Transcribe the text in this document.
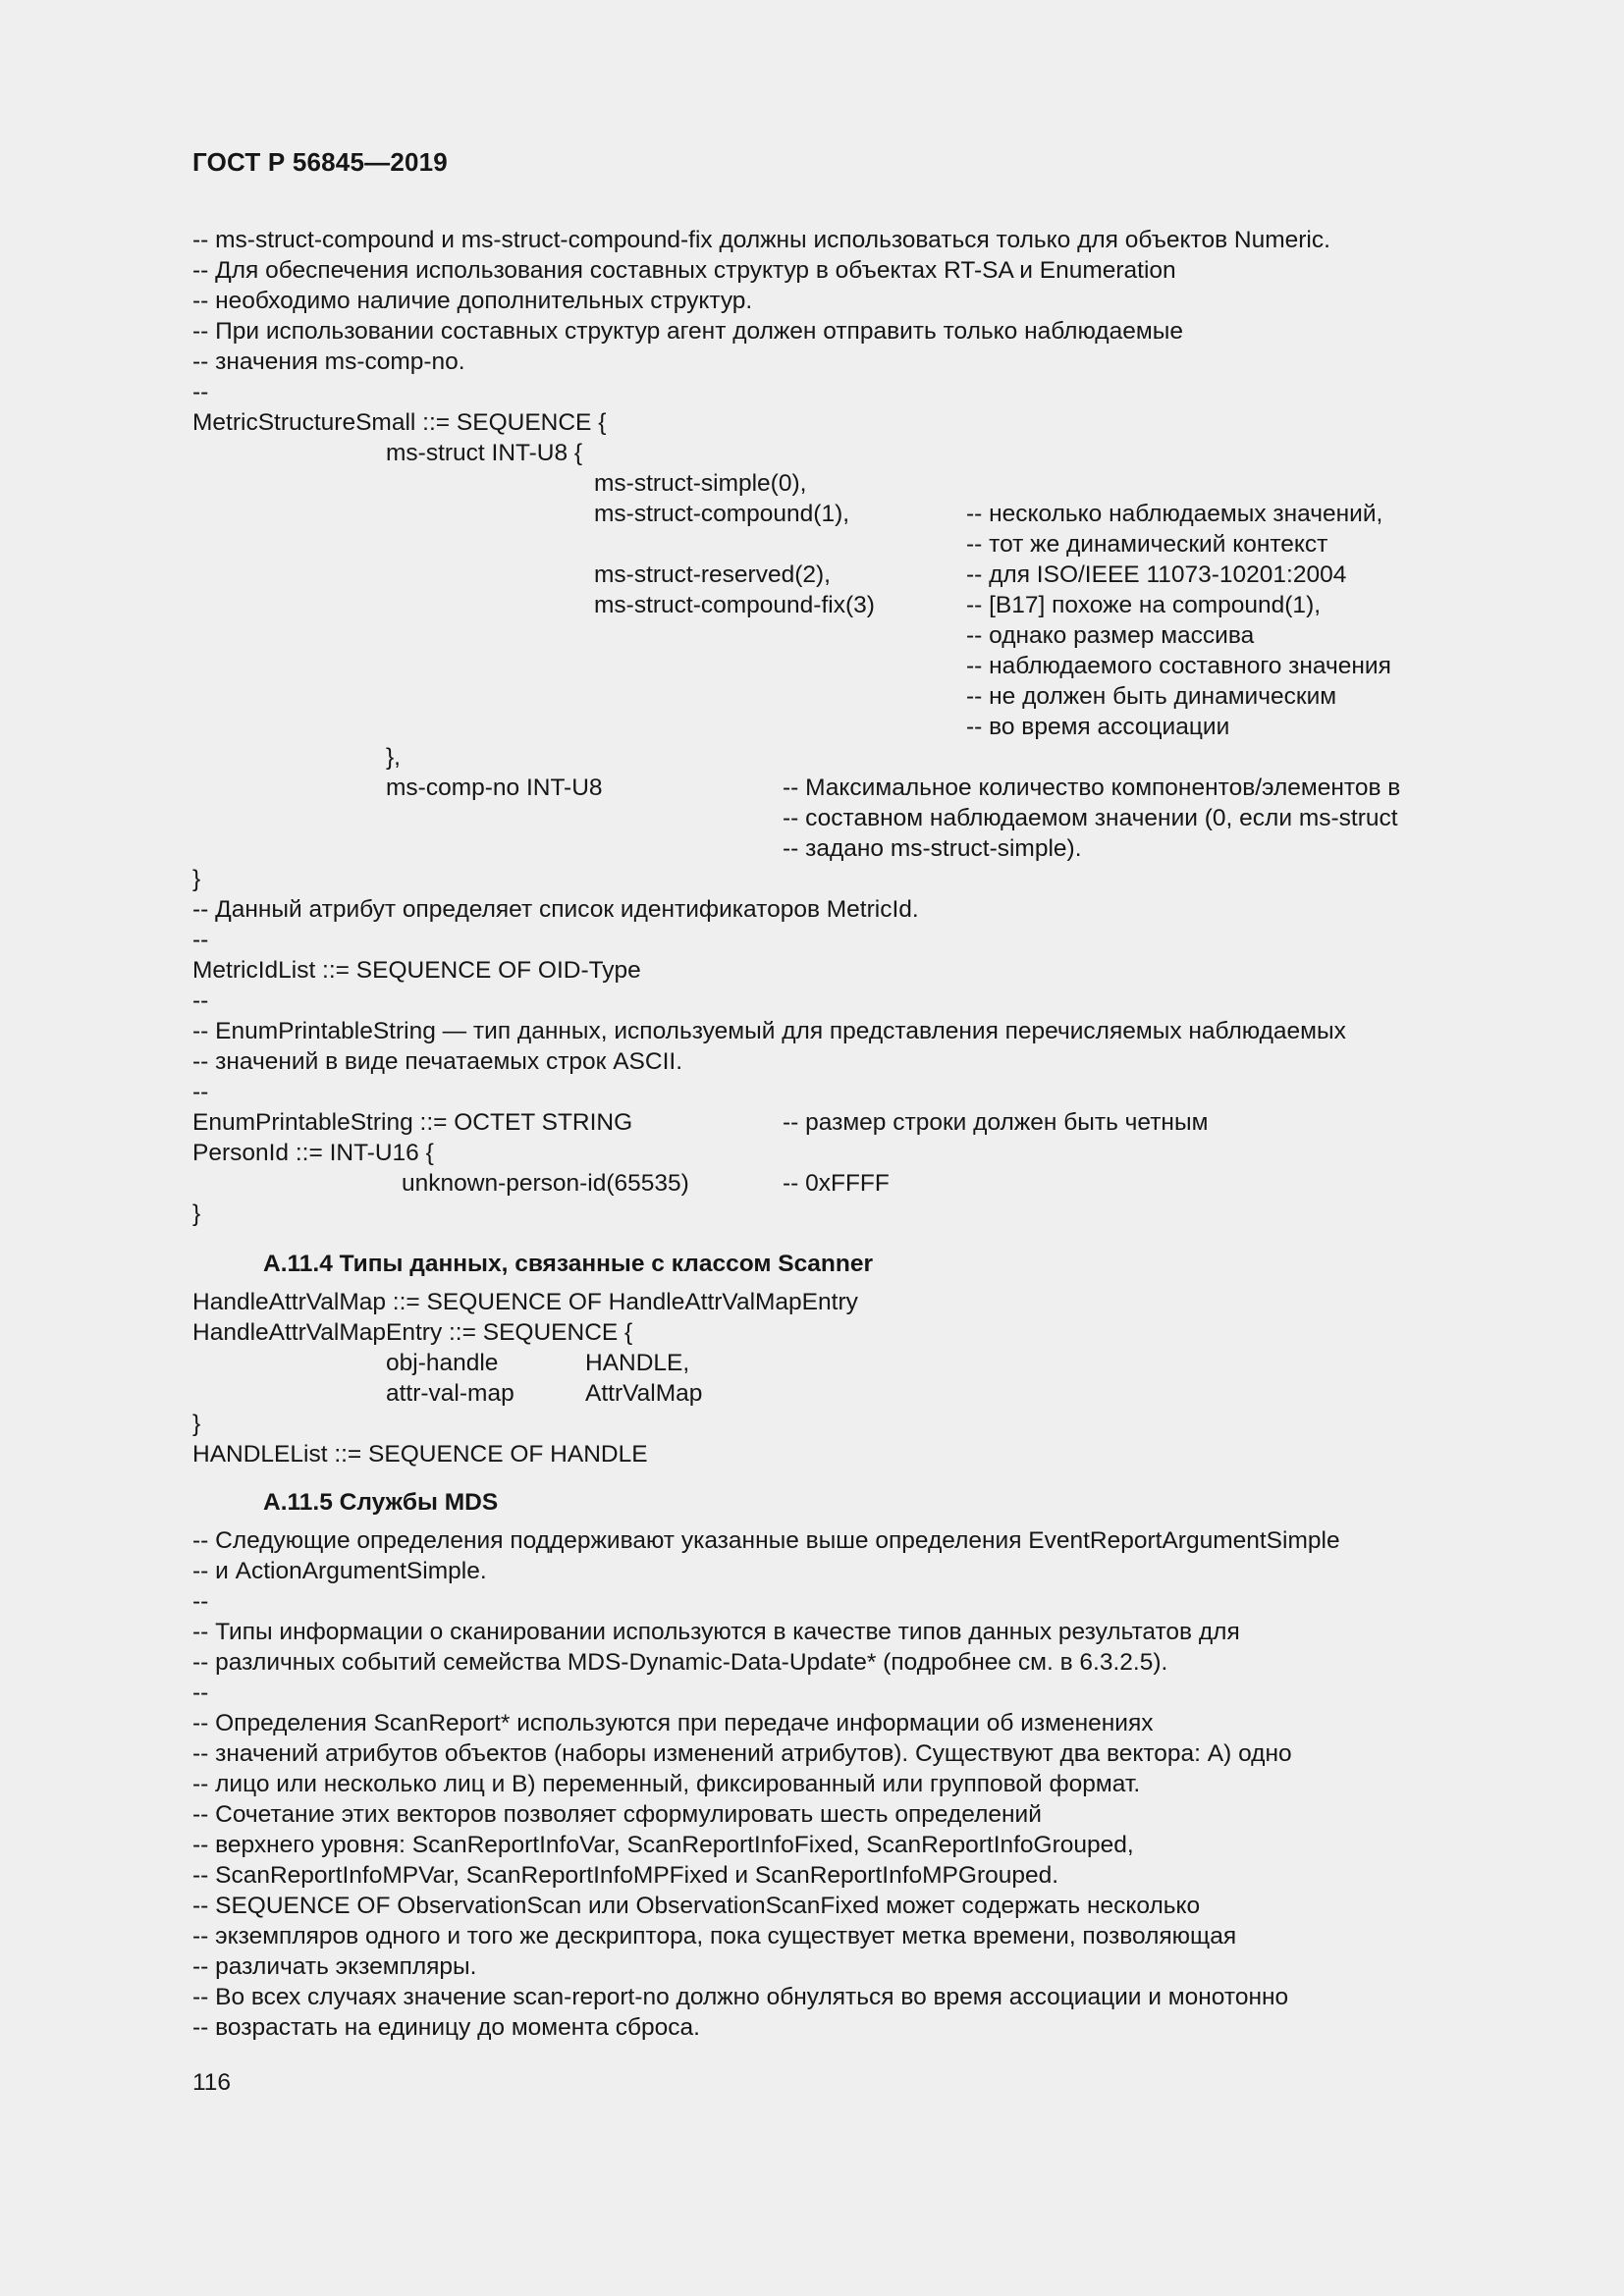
ГОСТ Р 56845—2019
-- ms-struct-compound и ms-struct-compound-fix должны использоваться только для объектов Numeric.
-- Для обеспечения использования составных структур в объектах RT-SA и Enumeration
-- необходимо наличие дополнительных структур.
-- При использовании составных структур агент должен отправить только наблюдаемые
-- значения ms-comp-no.
--
MetricStructureSmall ::= SEQUENCE {
ms-struct INT-U8 {
ms-struct-simple(0),
ms-struct-compound(1),	-- несколько наблюдаемых значений,
-- тот же динамический контекст
ms-struct-reserved(2),	-- для ISO/IEEE 11073-10201:2004
ms-struct-compound-fix(3)	-- [B17] похоже на compound(1),
-- однако размер массива
-- наблюдаемого составного значения
-- не должен быть динамическим
-- во время ассоциации
},
ms-comp-no INT-U8	-- Максимальное количество компонентов/элементов в
-- составном наблюдаемом значении (0, если ms-struct
-- задано ms-struct-simple).
}
-- Данный атрибут определяет список идентификаторов MetricId.
--
MetricIdList ::= SEQUENCE OF OID-Type
--
-- EnumPrintableString — тип данных, используемый для представления перечисляемых наблюдаемых
-- значений в виде печатаемых строк ASCII.
--
EnumPrintableString ::= OCTET STRING	-- размер строки должен быть четным
PersonId ::= INT-U16 {
unknown-person-id(65535)	-- 0xFFFF
}
А.11.4 Типы данных, связанные с классом Scanner
HandleAttrValMap ::= SEQUENCE OF HandleAttrValMapEntry
HandleAttrValMapEntry ::= SEQUENCE {
obj-handle	HANDLE,
attr-val-map	AttrValMap
}
HANDLEList ::= SEQUENCE OF HANDLE
А.11.5 Службы MDS
-- Следующие определения поддерживают указанные выше определения EventReportArgumentSimple
-- и ActionArgumentSimple.
--
-- Типы информации о сканировании используются в качестве типов данных результатов для
-- различных событий семейства MDS-Dynamic-Data-Update* (подробнее см. в 6.3.2.5).
--
-- Определения ScanReport* используются при передаче информации об изменениях
-- значений атрибутов объектов (наборы изменений атрибутов). Существуют два вектора: А) одно
-- лицо или несколько лиц и В) переменный, фиксированный или групповой формат.
-- Сочетание этих векторов позволяет сформулировать шесть определений
-- верхнего уровня: ScanReportInfoVar, ScanReportInfoFixed, ScanReportInfoGrouped,
-- ScanReportInfoMPVar, ScanReportInfoMPFixed и ScanReportInfoMPGrouped.
-- SEQUENCE OF ObservationScan или ObservationScanFixed может содержать несколько
-- экземпляров одного и того же дескриптора, пока существует метка времени, позволяющая
-- различать экземпляры.
-- Во всех случаях значение scan-report-no должно обнуляться во время ассоциации и монотонно
-- возрастать на единицу до момента сброса.
116
